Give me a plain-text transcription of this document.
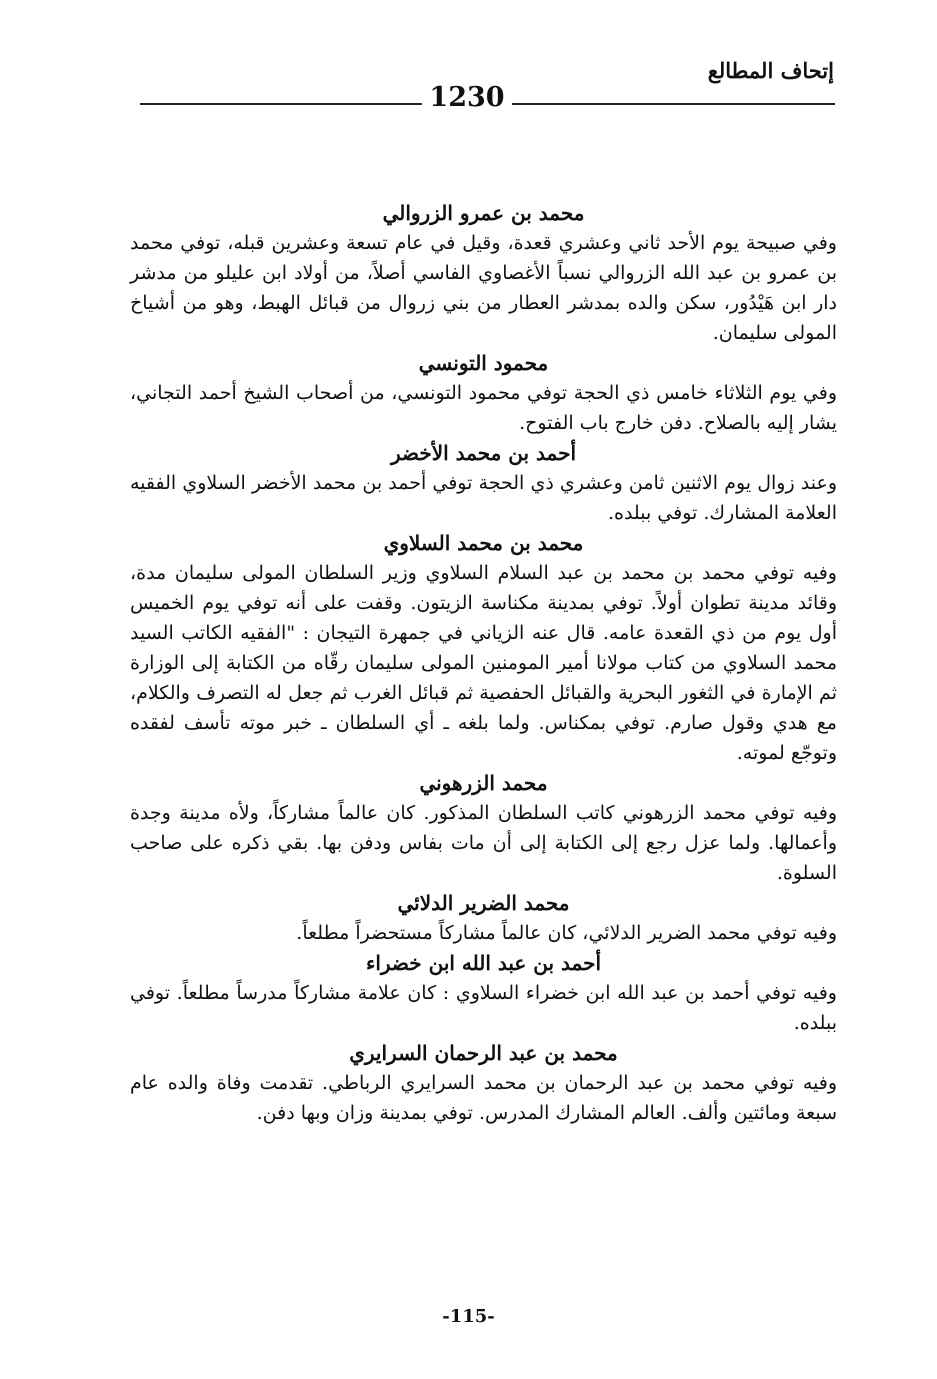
إتحاف المطالع
1230

محمد بن عمرو الزروالي

وفي صبيحة يوم الأحد ثاني وعشري قعدة، وقيل في عام تسعة وعشرين قبله، توفي محمد بن عمرو بن عبد الله الزروالي نسباً الأغصاوي الفاسي أصلاً، من أولاد ابن عليلو من مدشر دار ابن هَيْدُور، سكن والده بمدشر العطار من بني زروال من قبائل الهبط، وهو من أشياخ المولى سليمان.

محمود التونسي

وفي يوم الثلاثاء خامس ذي الحجة توفي محمود التونسي، من أصحاب الشيخ أحمد التجاني، يشار إليه بالصلاح. دفن خارج باب الفتوح.

أحمد بن محمد الأخضر

وعند زوال يوم الاثنين ثامن وعشري ذي الحجة توفي أحمد بن محمد الأخضر السلاوي الفقيه العلامة المشارك. توفي ببلده.

محمد بن محمد السلاوي

وفيه توفي محمد بن محمد بن عبد السلام السلاوي وزير السلطان المولى سليمان مدة، وقائد مدينة تطوان أولاً. توفي بمدينة مكناسة الزيتون. وقفت على أنه توفي يوم الخميس أول يوم من ذي القعدة عامه. قال عنه الزياني في جمهرة التيجان : "الفقيه الكاتب السيد محمد السلاوي من كتاب مولانا أمير المومنين المولى سليمان رقّاه من الكتابة إلى الوزارة ثم الإمارة في الثغور البحرية والقبائل الحفصية ثم قبائل الغرب ثم جعل له التصرف والكلام، مع هدي وقول صارم. توفي بمكناس. ولما بلغه ـ أي السلطان ـ خبر موته تأسف لفقده وتوجّع لموته.

محمد الزرهوني

وفيه توفي محمد الزرهوني كاتب السلطان المذكور. كان عالماً مشاركاً، ولأه مدينة وجدة وأعمالها. ولما عزل رجع إلى الكتابة إلى أن مات بفاس ودفن بها. بقي ذكره على صاحب السلوة.

محمد الضرير الدلائي

وفيه توفي محمد الضرير الدلائي، كان عالماً مشاركاً مستحضراً مطلعاً.

أحمد بن عبد الله ابن خضراء

وفيه توفي أحمد بن عبد الله ابن خضراء السلاوي : كان علامة مشاركاً مدرساً مطلعاً. توفي ببلده.

محمد بن عبد الرحمان السرايري

وفيه توفي محمد بن عبد الرحمان بن محمد السرايري الرباطي. تقدمت وفاة والده عام سبعة ومائتين وألف. العالم المشارك المدرس. توفي بمدينة وزان وبها دفن.

-115-
